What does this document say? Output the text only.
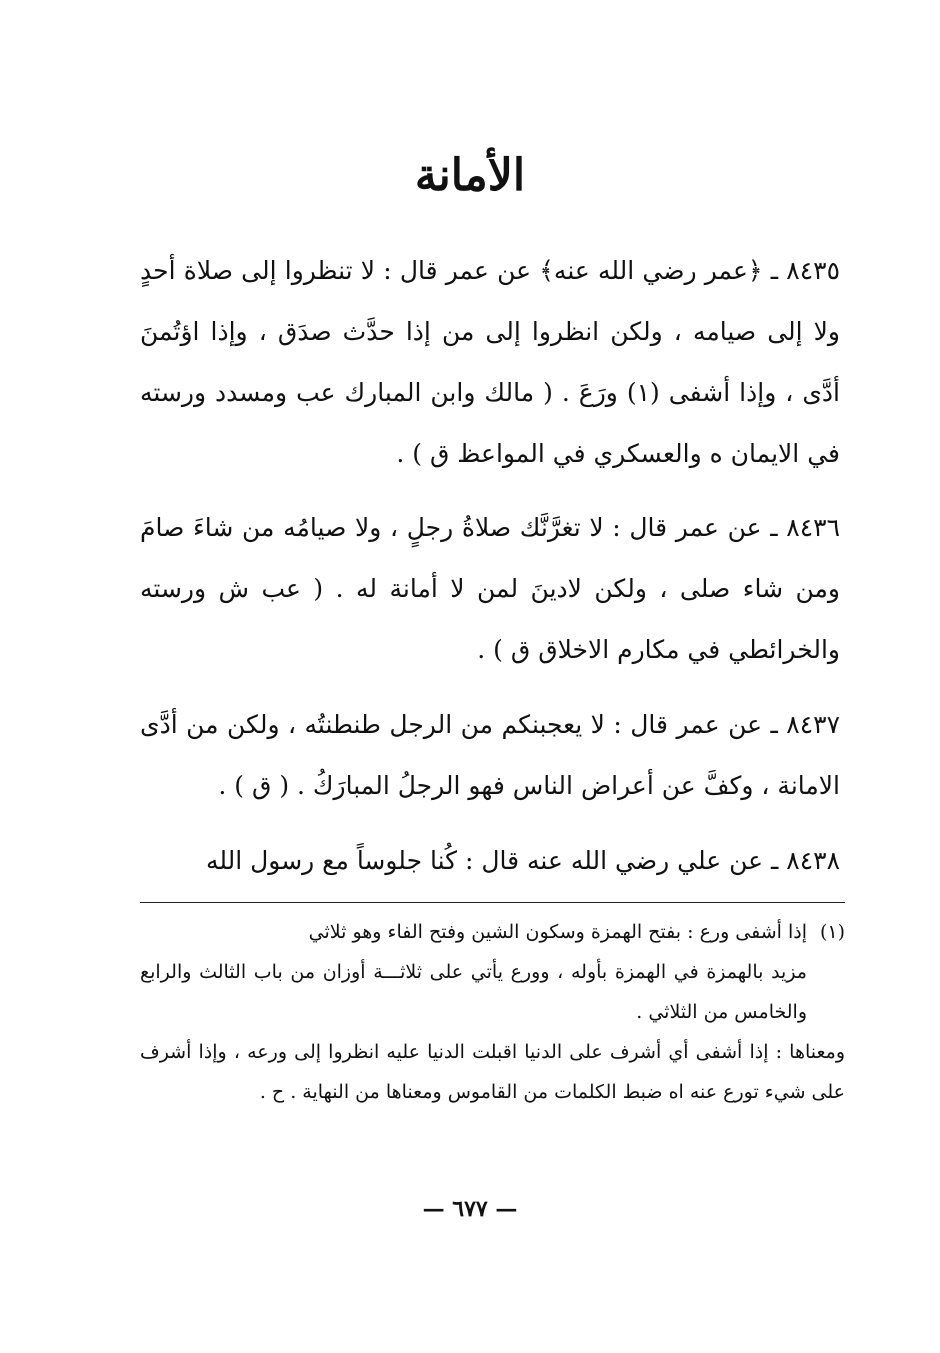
الأمانة
٨٤٣٥ ـ ﴿عمر رضي الله عنه﴾ عن عمر قال : لا تنظروا إلى صلاة أحدٍ ولا إلى صيامه ، ولكن انظروا إلى من إذا حدَّث صدَق ، وإذا اؤتُمنَ أدَّى ، وإذا أشفى (١) ورَعَ . ( مالك وابن المبارك عب ومسدد ورسته في الايمان ه والعسكري في المواعظ ق ) .
٨٤٣٦ ـ عن عمر قال : لا تغرَّنَّك صلاةُ رجلٍ ، ولا صيامُه من شاءَ صامَ ومن شاء صلى ، ولكن لادينَ لمن لا أمانة له . ( عب ش ورسته والخرائطي في مكارم الاخلاق ق ) .
٨٤٣٧ ـ عن عمر قال : لا يعجبنكم من الرجل طنطنتُه ، ولكن من أدَّى الامانة ، وكفَّ عن أعراض الناس فهو الرجلُ المبارَكُ . ( ق ) .
٨٤٣٨ ـ عن علي رضي الله عنه قال : كُنا جلوساً مع رسول الله

(١)إذا أشفى ورع : بفتح الهمزة وسكون الشين وفتح الفاء وهو ثلاثي

مزيد بالهمزة في الهمزة بأوله ، وورع يأتي على ثلاثـــة أوزان من باب الثالث والرابع والخامس من الثلاثي .

ومعناها : إذا أشفى أي أشرف على الدنيا اقبلت الدنيا عليه انظروا إلى ورعه ، وإذا أشرف على شيء تورع عنه اه ضبط الكلمات من القاموس ومعناها من النهاية . ح .

— ٦٧٧ —
